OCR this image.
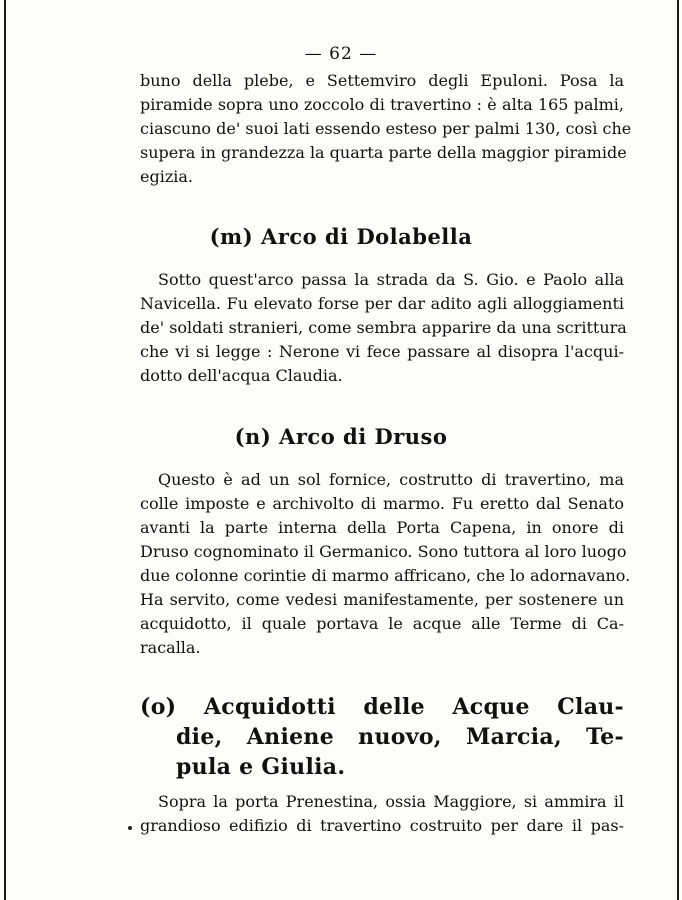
— 62 —
buno della plebe, e Settemviro degli Epuloni. Posa la
piramide sopra uno zoccolo di travertino : è alta 165 palmi,
ciascuno de' suoi lati essendo esteso per palmi 130, così che
supera in grandezza la quarta parte della maggior piramide
egizia.
(m) Arco di Dolabella
Sotto quest'arco passa la strada da S. Gio. e Paolo alla
Navicella. Fu elevato forse per dar adito agli alloggiamenti
de' soldati stranieri, come sembra apparire da una scrittura
che vi si legge : Nerone vi fece passare al disopra l'acqui-
dotto dell'acqua Claudia.
(n) Arco di Druso
Questo è ad un sol fornice, costrutto di travertino, ma
colle imposte e archivolto di marmo. Fu eretto dal Senato
avanti la parte interna della Porta Capena, in onore di
Druso cognominato il Germanico. Sono tuttora al loro luogo
due colonne corintie di marmo affricano, che lo adornavano.
Ha servito, come vedesi manifestamente, per sostenere un
acquidotto, il quale portava le acque alle Terme di Ca-
racalla.
(o) Acquidotti delle Acque Clau-
die, Aniene nuovo, Marcia, Te-
pula e Giulia.
Sopra la porta Prenestina, ossia Maggiore, si ammira il
grandioso edifizio di travertino costruito per dare il pas-
